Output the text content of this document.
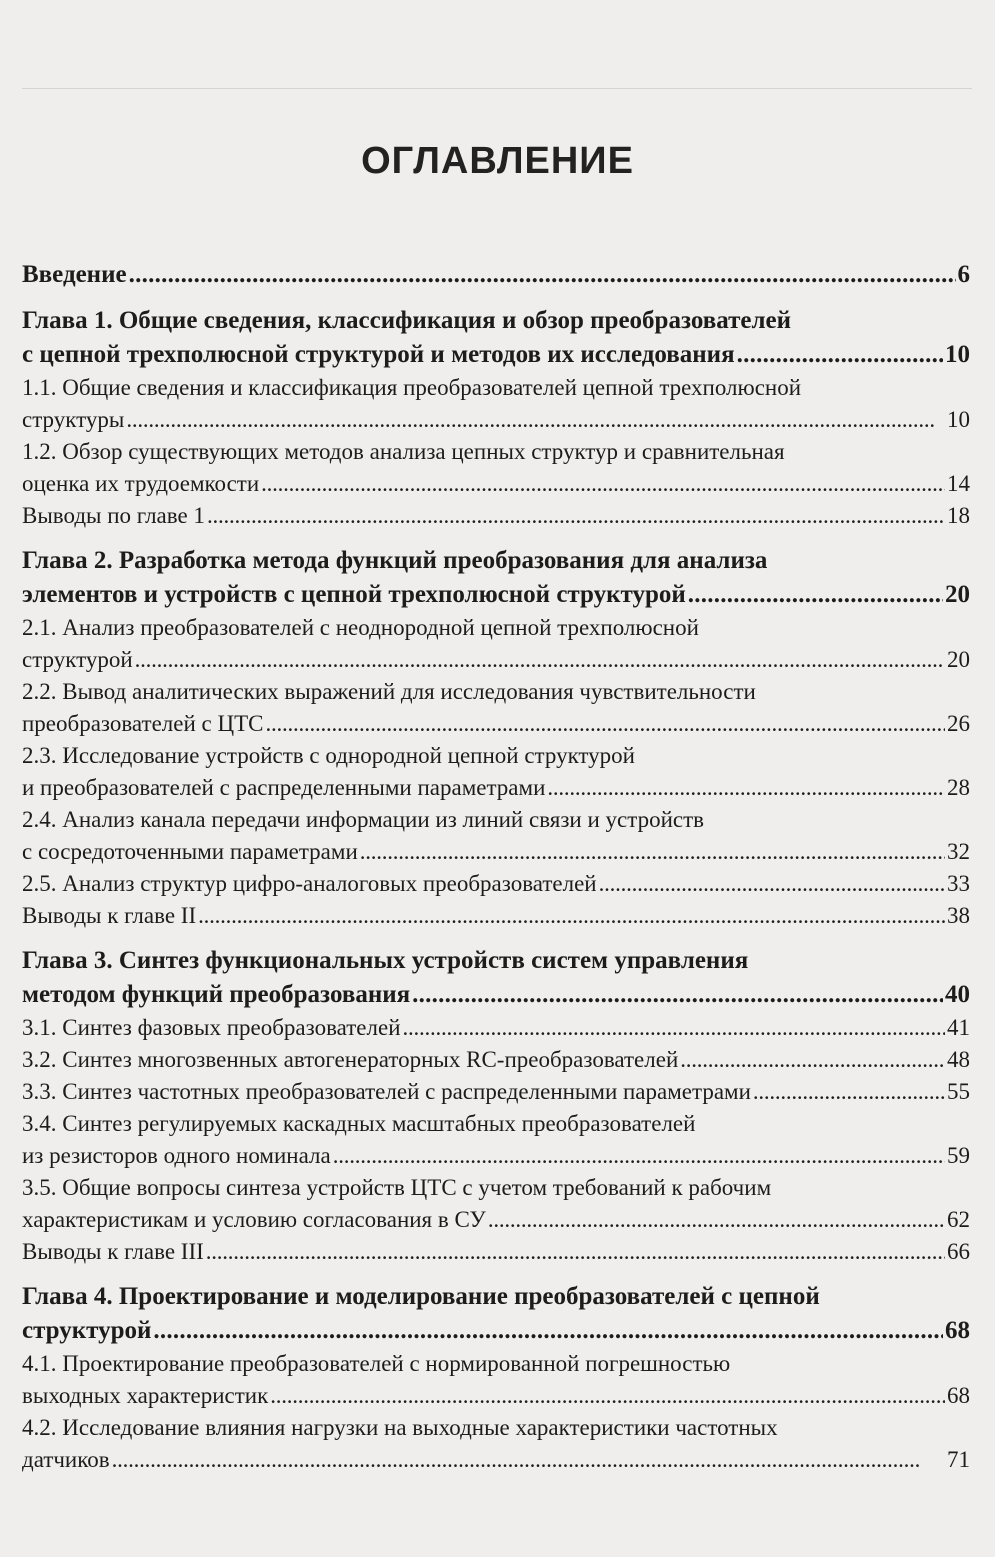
ОГЛАВЛЕНИЕ
Введение . . .	6
Глава 1. Общие сведения, классификация и обзор преобразователей
с цепной трехполюсной структурой и методов их исследования . . .	10
1.1. Общие сведения и классификация преобразователей цепной трехполюсной
структуры . . .	10
1.2. Обзор существующих методов анализа цепных структур и сравнительная
оценка их трудоемкости . . .	14
Выводы по главе 1 . . .	18
Глава 2. Разработка метода функций преобразования для анализа
элементов и устройств с цепной трехполюсной структурой . . .	20
2.1. Анализ преобразователей с неоднородной цепной трехполюсной
структурой . . .	20
2.2. Вывод аналитических выражений для исследования чувствительности
преобразователей с ЦТС . . .	26
2.3. Исследование устройств с однородной цепной структурой
и преобразователей с распределенными параметрами . . .	28
2.4. Анализ канала передачи информации из линий связи и устройств
с сосредоточенными параметрами . . .	32
2.5. Анализ структур цифро-аналоговых преобразователей . . .	33
Выводы к главе II . . .	38
Глава 3. Синтез функциональных устройств систем управления
методом функций преобразования . . .	40
3.1. Синтез фазовых преобразователей . . .	41
3.2. Синтез многозвенных автогенераторных RC-преобразователей . . .	48
3.3. Синтез частотных преобразователей с распределенными параметрами . . .	55
3.4. Синтез регулируемых каскадных масштабных преобразователей
из резисторов одного номинала . . .	59
3.5. Общие вопросы синтеза устройств ЦТС с учетом требований к рабочим
характеристикам и условию согласования в СУ . . .	62
Выводы к главе III . . .	66
Глава 4. Проектирование и моделирование преобразователей с цепной
структурой . . .	68
4.1. Проектирование преобразователей с нормированной погрешностью
выходных характеристик . . .	68
4.2. Исследование влияния нагрузки на выходные характеристики частотных
датчиков . . .	71
